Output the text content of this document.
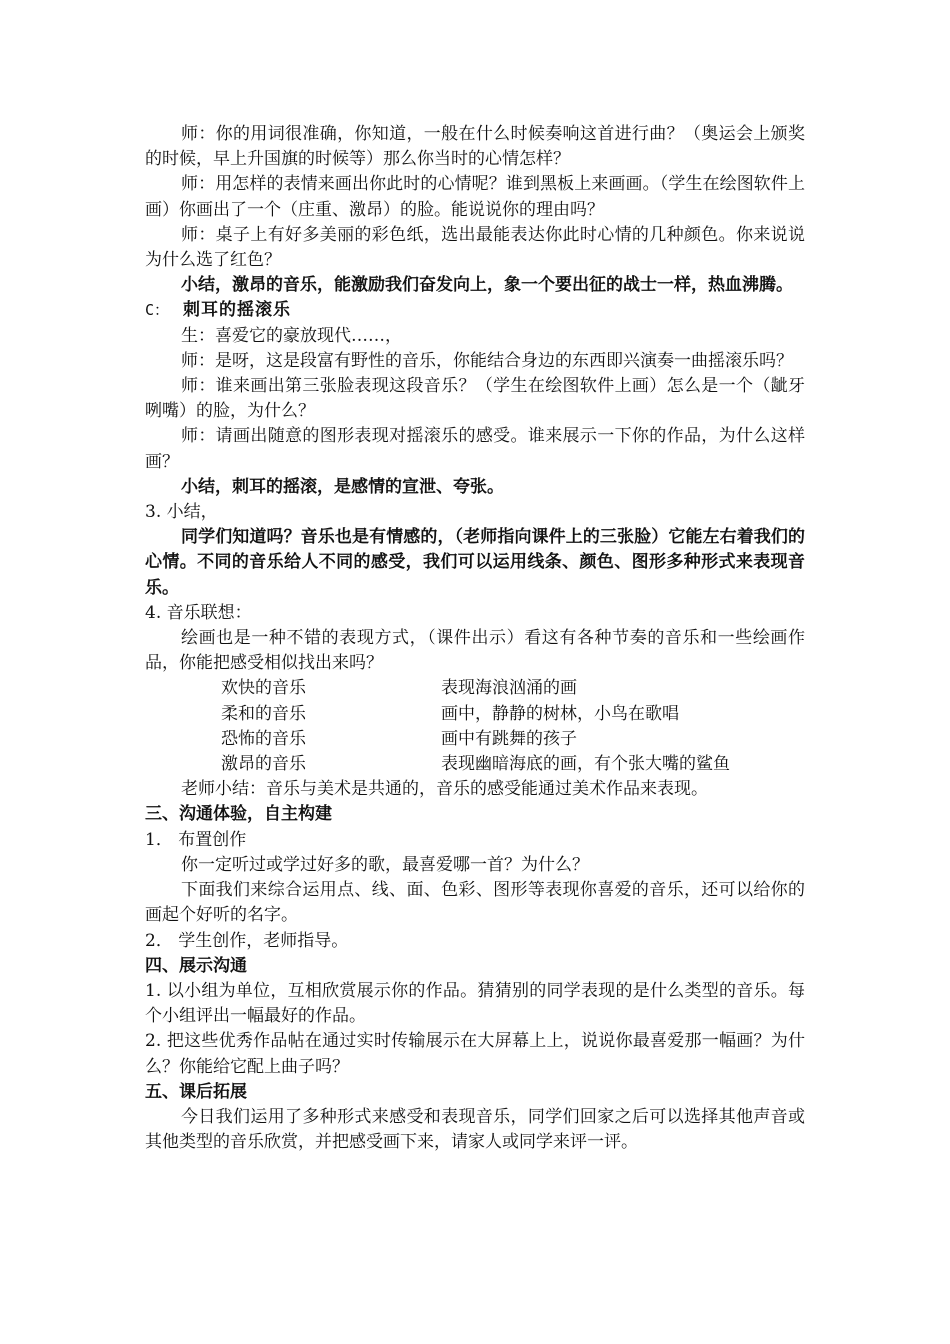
师：你的用词很准确，你知道，一般在什么时候奏响这首进行曲？（奥运会上颁奖的时候，早上升国旗的时候等）那么你当时的心情怎样？

师：用怎样的表情来画出你此时的心情呢？谁到黑板上来画画。（学生在绘图软件上画）你画出了一个（庄重、激昂）的脸。能说说你的理由吗？

师：桌子上有好多美丽的彩色纸，选出最能表达你此时心情的几种颜色。你来说说为什么选了红色？

小结，激昂的音乐，能激励我们奋发向上，象一个要出征的战士一样，热血沸腾。

C： 刺耳的摇滚乐

生：喜爱它的豪放现代……，

师：是呀，这是段富有野性的音乐，你能结合身边的东西即兴演奏一曲摇滚乐吗？

师：谁来画出第三张脸表现这段音乐？（学生在绘图软件上画）怎么是一个（龇牙咧嘴）的脸，为什么？

师：请画出随意的图形表现对摇滚乐的感受。谁来展示一下你的作品，为什么这样画？

小结，刺耳的摇滚，是感情的宣泄、夸张。

3. 小结，

同学们知道吗？音乐也是有情感的，（老师指向课件上的三张脸）它能左右着我们的心情。不同的音乐给人不同的感受，我们可以运用线条、颜色、图形多种形式来表现音乐。

4. 音乐联想：

绘画也是一种不错的表现方式，（课件出示）看这有各种节奏的音乐和一些绘画作品，你能把感受相似找出来吗？

欢快的音乐	表现海浪汹涌的画
柔和的音乐	画中，静静的树林，小鸟在歌唱
恐怖的音乐	画中有跳舞的孩子
激昂的音乐	表现幽暗海底的画，有个张大嘴的鲨鱼

老师小结：音乐与美术是共通的，音乐的感受能通过美术作品来表现。

三、沟通体验，自主构建

1． 布置创作

你一定听过或学过好多的歌，最喜爱哪一首？为什么？

下面我们来综合运用点、线、面、色彩、图形等表现你喜爱的音乐，还可以给你的画起个好听的名字。

2． 学生创作，老师指导。

四、展示沟通

1. 以小组为单位，互相欣赏展示你的作品。猜猜别的同学表现的是什么类型的音乐。每个小组评出一幅最好的作品。

2. 把这些优秀作品帖在通过实时传输展示在大屏幕上上，说说你最喜爱那一幅画？为什么？你能给它配上曲子吗？

五、课后拓展

今日我们运用了多种形式来感受和表现音乐，同学们回家之后可以选择其他声音或其他类型的音乐欣赏，并把感受画下来，请家人或同学来评一评。
